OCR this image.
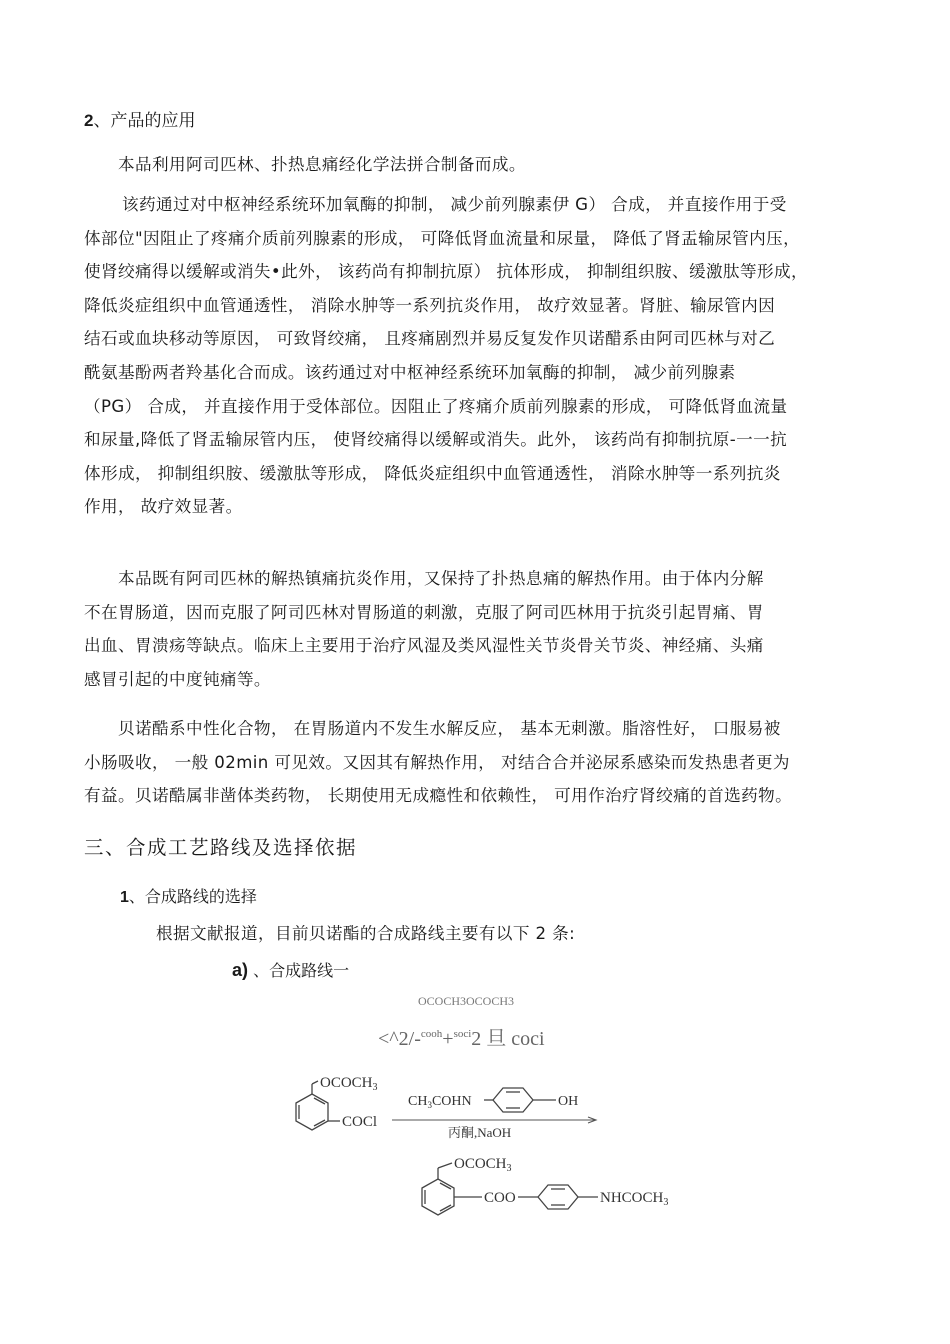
2、产品的应用
本品利用阿司匹林、扑热息痛经化学法拼合制备而成。
该药通过对中枢神经系统环加氧酶的抑制， 减少前列腺素伊 G） 合成， 并直接作用于受
体部位"因阻止了疼痛介质前列腺素的形成， 可降低肾血流量和尿量， 降低了肾盂输尿管内压，
使肾绞痛得以缓解或消失•此外， 该药尚有抑制抗原） 抗体形成， 抑制组织胺、缓激肽等形成，
降低炎症组织中血管通透性， 消除水肿等一系列抗炎作用， 故疗效显著。肾脏、输尿管内因
结石或血块移动等原因， 可致肾绞痛， 且疼痛剧烈并易反复发作贝诺醋系由阿司匹林与对乙
酰氨基酚两者羚基化合而成。该药通过对中枢神经系统环加氧酶的抑制， 减少前列腺素
（PG） 合成， 并直接作用于受体部位。因阻止了疼痛介质前列腺素的形成， 可降低肾血流量
和尿量,降低了肾盂输尿管内压， 使肾绞痛得以缓解或消失。此外， 该药尚有抑制抗原-一一抗
体形成， 抑制组织胺、缓激肽等形成， 降低炎症组织中血管通透性， 消除水肿等一系列抗炎
作用， 故疗效显著。
本品既有阿司匹林的解热镇痛抗炎作用，又保持了扑热息痛的解热作用。由于体内分解
不在胃肠道，因而克服了阿司匹林对胃肠道的刺激，克服了阿司匹林用于抗炎引起胃痛、胃
出血、胃溃疡等缺点。临床上主要用于治疗风湿及类风湿性关节炎骨关节炎、神经痛、头痛
感冒引起的中度钝痛等。
贝诺酷系中性化合物， 在胃肠道内不发生水解反应， 基本无刺激。脂溶性好， 口服易被
小肠吸收， 一般 02min 可见效。又因其有解热作用， 对结合合并泌尿系感染而发热患者更为
有益。贝诺酷属非凿体类药物， 长期使用无成瘾性和依赖性， 可用作治疗肾绞痛的首选药物。
三、合成工艺路线及选择依据
1、合成路线的选择
根据文献报道，目前贝诺酯的合成路线主要有以下 2 条:
a) 、合成路线一
OCOCH3OCOCH3
<^2/-$^{cooh}$+$^{soci}$2 旦 coci
$OCOCH_3$
COCl
$CH_3COHN$	OH
丙酮,NaOH
$OCOCH_3$
COO	$NHCOCH_3$
